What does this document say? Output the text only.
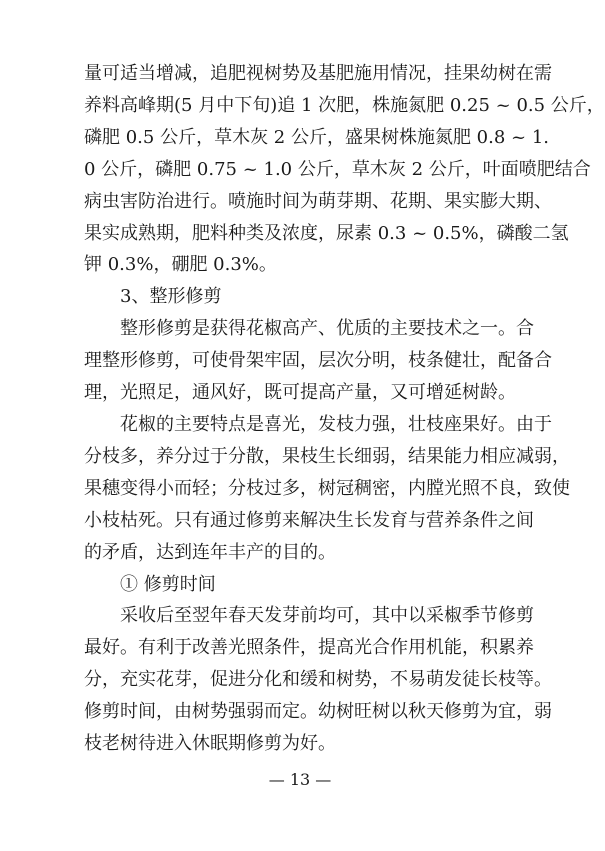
量可适当增减，追肥视树势及基肥施用情况，挂果幼树在需
养料高峰期(5 月中下旬)追 1 次肥，株施氮肥 0.25 ~ 0.5 公斤，
磷肥 0.5 公斤，草木灰 2 公斤，盛果树株施氮肥 0.8 ~ 1.
0 公斤，磷肥 0.75 ~ 1.0 公斤，草木灰 2 公斤，叶面喷肥结合
病虫害防治进行。喷施时间为萌芽期、花期、果实膨大期、
果实成熟期，肥料种类及浓度，尿素 0.3 ~ 0.5%，磷酸二氢
钾 0.3%，硼肥 0.3%。
3、整形修剪
整形修剪是获得花椒高产、优质的主要技术之一。合
理整形修剪，可使骨架牢固，层次分明，枝条健壮，配备合
理，光照足，通风好，既可提高产量，又可增延树龄。
花椒的主要特点是喜光，发枝力强，壮枝座果好。由于
分枝多，养分过于分散，果枝生长细弱，结果能力相应减弱，
果穗变得小而轻；分枝过多，树冠稠密，内膛光照不良，致使
小枝枯死。只有通过修剪来解决生长发育与营养条件之间
的矛盾，达到连年丰产的目的。
① 修剪时间
采收后至翌年春天发芽前均可，其中以采椒季节修剪
最好。有利于改善光照条件，提高光合作用机能，积累养
分，充实花芽，促进分化和缓和树势，不易萌发徒长枝等。
修剪时间，由树势强弱而定。幼树旺树以秋天修剪为宜，弱
枝老树待进入休眠期修剪为好。
— 13 —
